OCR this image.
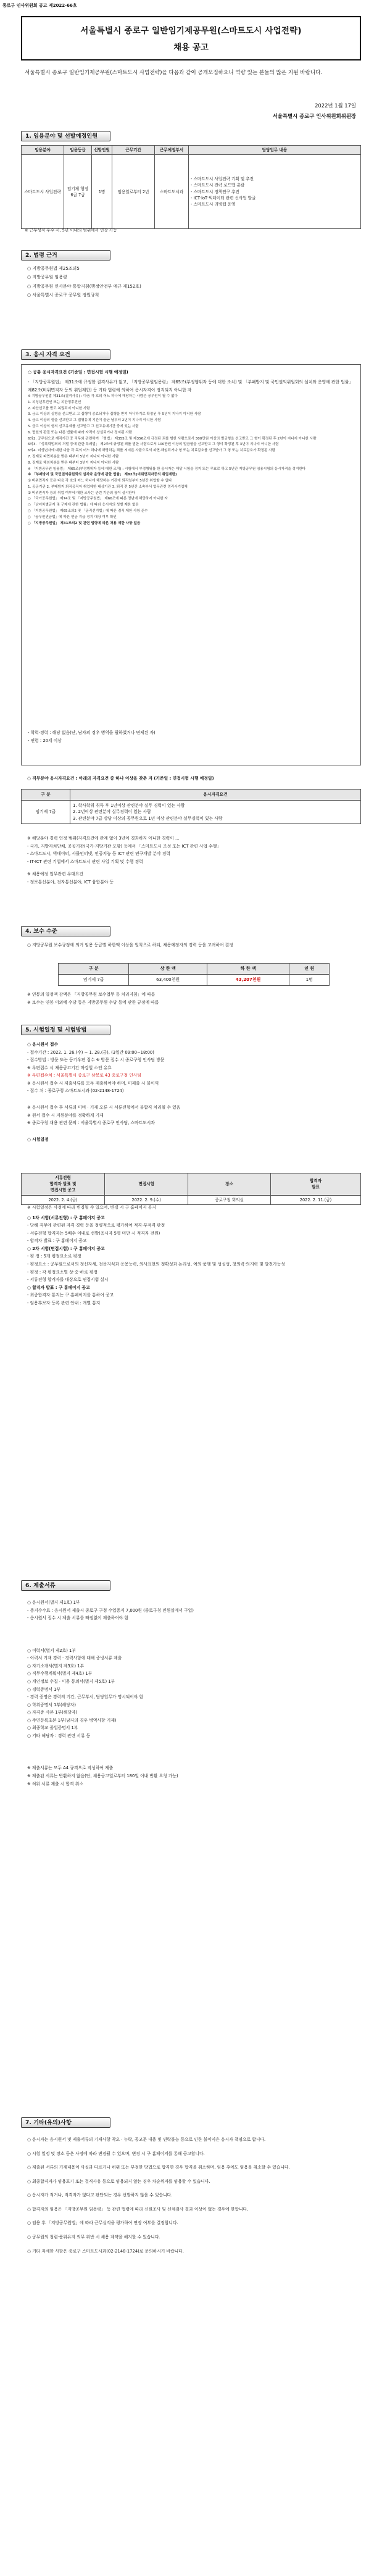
종로구 인사위원회 공고 제2022-66호
서울특별시 종로구 일반임기제공무원(스마트도시 사업전략)
채용 공고
서울특별시 종로구 일반임기제공무원(스마트도시 사업전략)을 다음과 같이 공개모집하오니 역량 있는 분들의 많은 지원 바랍니다.
2022년 1월 17일
서울특별시 종로구 인사위원회위원장
1. 임용분야 및 선발예정인원
임용분야	임용등급	선발인원	근무기간	근무예정부서	담당업무 내용
스마트도시 사업전략	임기제 행정6급 7급	1명	임용일로부터 2년	스마트도시과	- 스마트도시 사업전략 기획 및 추진
- 스마트도시 전략 로드맵 총괄
- 스마트도시 정책연구 추진
- ICT·loT·빅데이터 관련 신사업 발굴
- 스마트도시 리빙랩 운영
※ 근무성적 우수 시, 5년 이내의 범위에서 연장 가능
2. 법령 근거
○ 지방공무원법 제25조의5
○ 지방공무원 임용령
○ 지방공무원 인사분야 통합지침(행정안전부 예규 제152호)
○ 서울특별시 종로구 공무원 정원규칙
3. 응시 자격 요건
○ 공통 응시자격요건 (기준일 : 면접시험 시행 예정일)
- 「지방공무원법」 제31조에 규정한 결격사유가 없고, 「지방공무원임용령」 제65조(부정행위자 등에 대한 조치) 및 「부패방지 및 국민권익위원회의 설치와 운영에 관한 법률」 제82조(비위면직자 등의 취업제한) 등 기타 법령에 의하여 응시자격이 정지되지 아니한 자
※ 지방공무원법 제31조(결격사유) : 다음 각 호의 어느 하나에 해당하는 사람은 공무원이 될 수 없다
1. 피성년후견인 또는 피한정후견인
2. 파산선고를 받고 복권되지 아니한 사람
3. 금고 이상의 실형을 선고받고 그 집행이 종료되거나 집행을 받지 아니하기로 확정된 후 5년이 지나지 아니한 사람
4. 금고 이상의 형을 선고받고 그 집행유예 기간이 끝난 날부터 2년이 지나지 아니한 사람
5. 금고 이상의 형의 선고유예를 선고받고 그 선고유예기간 중에 있는 사람
6. 법원의 판결 또는 다른 법률에 따라 자격이 상실되거나 정지된 사람
6의2. 공무원으로 재직기간 중 직무와 관련하여 「형법」 제355조 및 제356조에 규정된 죄를 범한 사람으로서 300만원 이상의 벌금형을 선고받고 그 형이 확정된 후 2년이 지나지 아니한 사람
6의3. 「성폭력범죄의 처벌 등에 관한 특례법」 제2조에 규정된 죄를 범한 사람으로서 100만원 이상의 벌금형을 선고받고 그 형이 확정된 후 3년이 지나지 아니한 사람
6의4. 미성년자에 대한 다음 각 목의 어느 하나에 해당하는 죄를 저지른 사람으로서 파면·해임되거나 형 또는 치료감호를 선고받아 그 형 또는 치료감호가 확정된 사람
7. 징계로 파면처분을 받은 때부터 5년이 지나지 아니한 사람
8. 징계로 해임처분을 받은 때부터 3년이 지나지 아니한 사람
※ 「지방공무원 임용령」 제65조(부정행위자 등에 대한 조치) : 시험에서 부정행위를 한 응시자는 해당 시험을 정지 또는 무효로 하고 5년간 지방공무원 임용시험의 응시자격을 정지한다
※ 「부패방지 및 국민권익위원회의 설치와 운영에 관한 법률」 제82조(비위면직자등의 취업제한)
① 비위면직자 등은 다음 각 호의 어느 하나에 해당하는 기관에 퇴직일부터 5년간 취업할 수 없다
1. 공공기관 2. 부패방지 퇴직공직자 취업제한 대상기관 3. 퇴직 전 5년간 소속부서 업무관련 영리사기업체
② 비위면직자 등의 취업 여부에 대한 조사는 관련 기관의 장이 실시한다
○ 「국가공무원법」 제74조 및 「지방공무원법」 제66조에 따른 정년에 해당하지 아니한 자
○ 「남녀차별금지 및 구제에 관한 법률」에 따라 응시자의 성별 제한 없음
○ 「지방공무원법」 제65조의2 및 「공직선거법」에 따른 겸직 제한 사항 준수
○ 「공무원연금법」에 따른 연금 지급 정지 대상 여부 확인
○ 「지방공무원법」 제31조의2 및 관련 법령에 따른 채용 제한 사항 없음
- 학력·경력 : 해당 없음(단, 남자의 경우 병역을 필하였거나 면제된 자)
- 연령 : 20세 이상
○ 직무분야 응시자격요건 : 아래의 자격요건 중 하나 이상을 갖춘 자 (기준일 : 면접시험 시행 예정일)
구 분	응시자격요건
임기제 7급	1. 학사학위 취득 후 1년이상 관련분야 실무 경력이 있는 사람
2. 2년이상 관련분야 실무경력이 있는 사람
3. 관련분야 7급 상당 이상의 공무원으로 1년 이상 관련분야 실무경력이 있는 사람
※ 해당분야 경력 인정 범위(자격요건에 관계 없이 3년이 경과하지 아니한 경력이 ...
- 국가, 지방자치단체, 공공기관(국가·지방기관 포함) 등에서 「스마트도시 조성 또는 ICT 관련 사업 수행」
- 스마트도시, 빅데이터, 사물인터넷, 인공지능 등 ICT 관련 연구개발 분야 경력
- IT·ICT 관련 기업에서 스마트도시 관련 사업 기획 및 수행 경력
※ 채용예정 업무관련 우대요건
- 정보통신분야, 전자통신분야, ICT 융합분야 등
4. 보수 수준
○ 지방공무원 보수규정에 의거 임용 등급별 하한액 이상을 원칙으로 하되, 채용예정자의 경력 등을 고려하여 결정
구 분	상 한 액	하 한 액	인 원
임기제 7급	63,400천원	43,207천원	1명
※ 연봉의 일정액 감액은 「지방공무원 보수업무 등 처리지침」에 따름
※ 보수는 연봉 이외에 수당 등은 지방공무원 수당 등에 관한 규정에 따름
5. 시험일정 및 시험방법
○ 응시원서 접수
- 접수기간 : 2022. 1. 26.(수) ~ 1. 28.(금), (3일간 09:00~18:00)
- 접수방법 : 방문 또는 등기우편 접수 ※ 방문 접수 시 종로구청 인사팀 방문
※ 우편접수 시 채용공고기간 마감일 소인 유효
※ 우편접수처 : 서울특별시 종로구 삼봉로 43 종로구청 인사팀
※ 응시원서 접수 시 제출서류를 모두 제출하여야 하며, 미제출 시 불이익
- 접수 처 : 종로구청 스마트도시과 (02-2148-1724)
※ 응시원서 접수 후 서류의 미비 · 기재 오류 시 서류전형에서 불합격 처리될 수 있음
※ 원서 접수 시 지원분야를 정확하게 기재
※ 종로구청 채용 관련 문의 : 서울특별시 종로구 인사팀, 스마트도시과
○ 시험일정
서류전형
합격자 발표 및
면접시험 공고	면접시험	장소	합격자
발표
2022. 2. 4.(금)	2022. 2. 9.(수)	종로구청 회의실	2022. 2. 11.(금)
※ 시험일정은 사정에 따라 변경될 수 있으며, 변경 시 구 홈페이지 공지
○ 1차 시험(서류전형) : 구 홈페이지 공고
- 당해 직무에 관련된 자격·경력 등을 정량적으로 평가하여 적격·부적격 판정
- 서류전형 합격자는 5배수 이내로 선발(응시자 5명 미만 시 적격자 전원)
- 합격자 발표 : 구 홈페이지 공고
○ 2차 시험(면접시험) : 구 홈페이지 공고
- 평 정 : 5개 평정요소로 평정
- 평정요소 : 공무원으로서의 정신자세, 전문지식과 응용능력, 의사표현의 정확성과 논리성, 예의·품행 및 성실성, 창의력·의지력 및 발전가능성
- 평정 : 각 평정요소별 상·중·하로 평정
- 서류전형 합격자를 대상으로 면접시험 실시
○ 합격자 발표 : 구 홈페이지 공고
- 최종합격자 통지는 구 홈페이지를 통하여 공고
- 임용후보자 등록 관련 안내 : 개별 통지
6. 제출서류
○ 응시원서(별지 제1호) 1부
- 증지수수료 : 응시원서 제출시 종로구 구청 수입증지 7,000원 (종로구청 민원실에서 구입)
- 응시원서 접수 시 제출 서류를 빠짐없이 제출하여야 함
○ 이력서(별지 제2호) 1부
- 이력서 기재 경력 · 경력사항에 대해 증빙서류 제출
○ 자기소개서(별지 제3호) 1부
○ 직무수행계획서(별지 제4호) 1부
○ 개인정보 수집 · 이용 동의서(별지 제5호) 1부
○ 경력증명서 1부
- 경력 증명은 경력의 기간, 근무부서, 담당업무가 명시되어야 함
○ 학위증명서 1부(해당자)
○ 자격증 사본 1부(해당자)
○ 주민등록초본 1부(남자의 경우 병역사항 기재)
○ 최종학교 졸업증명서 1부
○ 기타 해당자 : 경력 관련 서류 등
※ 제출서류는 모두 A4 규격으로 작성하여 제출
※ 제출된 서류는 반환하지 않음(단, 채용공고일로부터 180일 이내 반환 요청 가능)
※ 허위 서류 제출 시 합격 취소
7. 기타(유의)사항
○ 응시자는 응시원서 및 제출서류의 기재사항 착오 · 누락, 공고문 내용 및 연락불능 등으로 인한 불이익은 응시자 책임으로 합니다.
○ 시험 일정 및 장소 등은 사정에 따라 변경될 수 있으며, 변경 시 구 홈페이지를 통해 공고합니다.
○ 제출된 서류의 기재내용이 사실과 다르거나 허위 또는 부정한 방법으로 합격한 경우 합격을 취소하며, 임용 후에도 임용을 취소할 수 있습니다.
○ 최종합격자가 임용포기 또는 결격사유 등으로 임용되지 않는 경우 차순위자를 임용할 수 있습니다.
○ 응시자가 적거나, 적격자가 없다고 판단되는 경우 선발하지 않을 수 있습니다.
○ 합격자의 임용은 「지방공무원 임용령」 등 관련 법령에 따라 신원조사 및 신체검사 결과 이상이 없는 경우에 한합니다.
○ 임용 후 「지방공무원법」에 따라 근무실적을 평가하여 연장 여부를 결정합니다.
○ 공무원의 청렴·품위유지 의무 위반 시 채용 계약을 해지할 수 있습니다.
○ 기타 자세한 사항은 종로구 스마트도시과(02-2148-1724)로 문의하시기 바랍니다.
